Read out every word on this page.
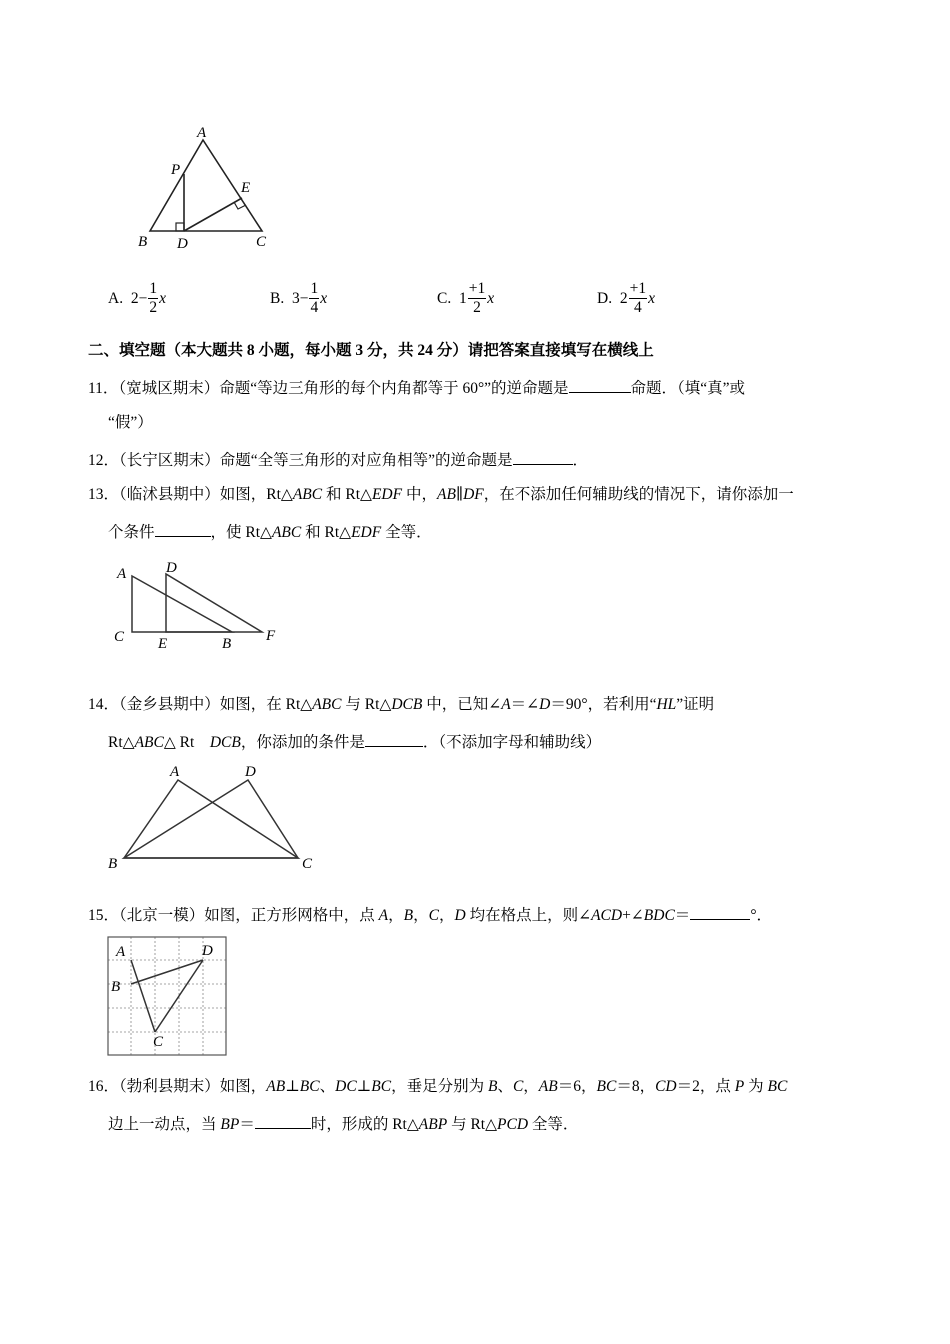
A
P
E
B D	C
A.
$2 - \frac{1}{2}$ x	B.
$3 - \frac{1}{4}$ x	C.
$1 \frac{+1}{2}$ x	D.
$2 \frac{+1}{4}$ x
二、填空题（本大题共 8 小题，每小题 3 分，共 24 分）请把答案直接填写在横线上
11．（宽城区期末）命题“等边三角形的每个内角都等于 60°”的逆命题是	命题．（填“真”或
“假”）
12．（长宁区期末）命题“全等三角形的对应角相等”的逆命题是	．
13．（临沭县期中）如图，Rt△ABC 和 Rt△EDF 中，AB∥DF，在不添加任何辅助线的情况下，请你添加一
个条件	，使 Rt△ABC 和 Rt△EDF 全等．
A	D
C E	B F
14．（金乡县期中）如图，在 Rt△ABC 与 Rt△DCB 中，已知∠A＝∠D＝90°，若利用“HL”证明
Rt△ABC△ Rt　DCB，你添加的条件是	．（不添加字母和辅助线）
A	D
B	C
15．（北京一模）如图，正方形网格中，点 A，B，C，D 均在格点上，则∠ACD+∠BDC＝	°．
A
B
C
D
16．（勃利县期末）如图，AB⊥BC、DC⊥BC，垂足分别为 B、C，AB＝6，BC＝8，CD＝2，点 P 为 BC
边上一动点，当 BP＝	时，形成的 Rt△ABP 与 Rt△PCD 全等．
